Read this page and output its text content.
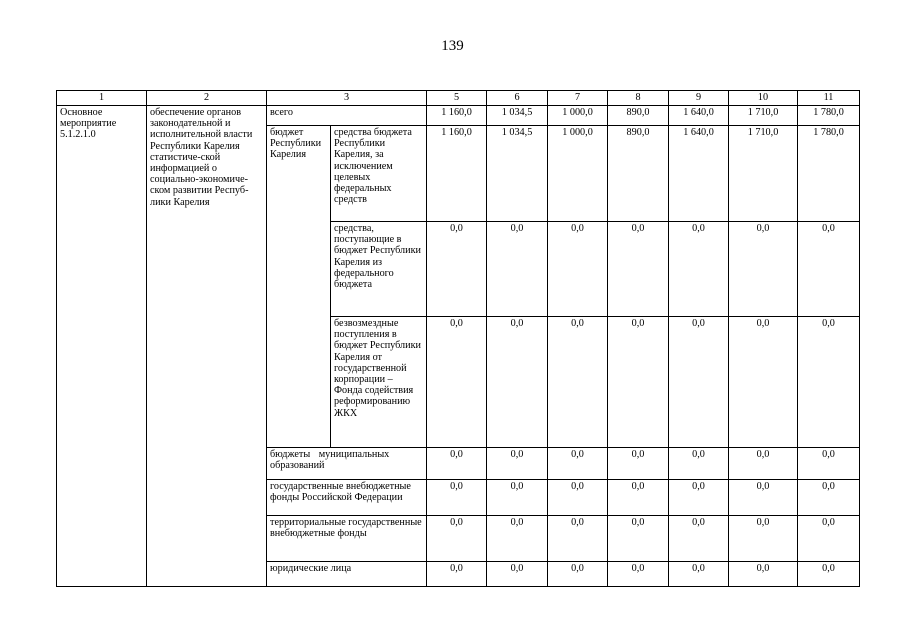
139
1	2	3		5	6	7	8	9	10	11
Основное мероприятие 5.1.2.1.0	обеспечение органов законодательной и исполнительной власти Республики Карелия статистиче-ской информацией о социально-экономиче-ском развитии Респуб-лики Карелия	всего		1 160,0	1 034,5	1 000,0	890,0	1 640,0	1 710,0	1 780,0
		бюджет Республики Карелия	средства бюджета Республики Карелия, за исключением целевых федеральных средств	1 160,0	1 034,5	1 000,0	890,0	1 640,0	1 710,0	1 780,0
			средства, поступающие в бюджет Республики Карелия из федерального бюджета	0,0	0,0	0,0	0,0	0,0	0,0	0,0
			безвозмездные поступления в бюджет Республики Карелия от государственной корпорации – Фонда содействия реформированию ЖКХ	0,0	0,0	0,0	0,0	0,0	0,0	0,0
		бюджеты муниципальных образований		0,0	0,0	0,0	0,0	0,0	0,0	0,0
		государственные внебюджетные фонды Российской Федерации		0,0	0,0	0,0	0,0	0,0	0,0	0,0
		территориальные государственные внебюджетные фонды		0,0	0,0	0,0	0,0	0,0	0,0	0,0
		юридические лица		0,0	0,0	0,0	0,0	0,0	0,0	0,0
